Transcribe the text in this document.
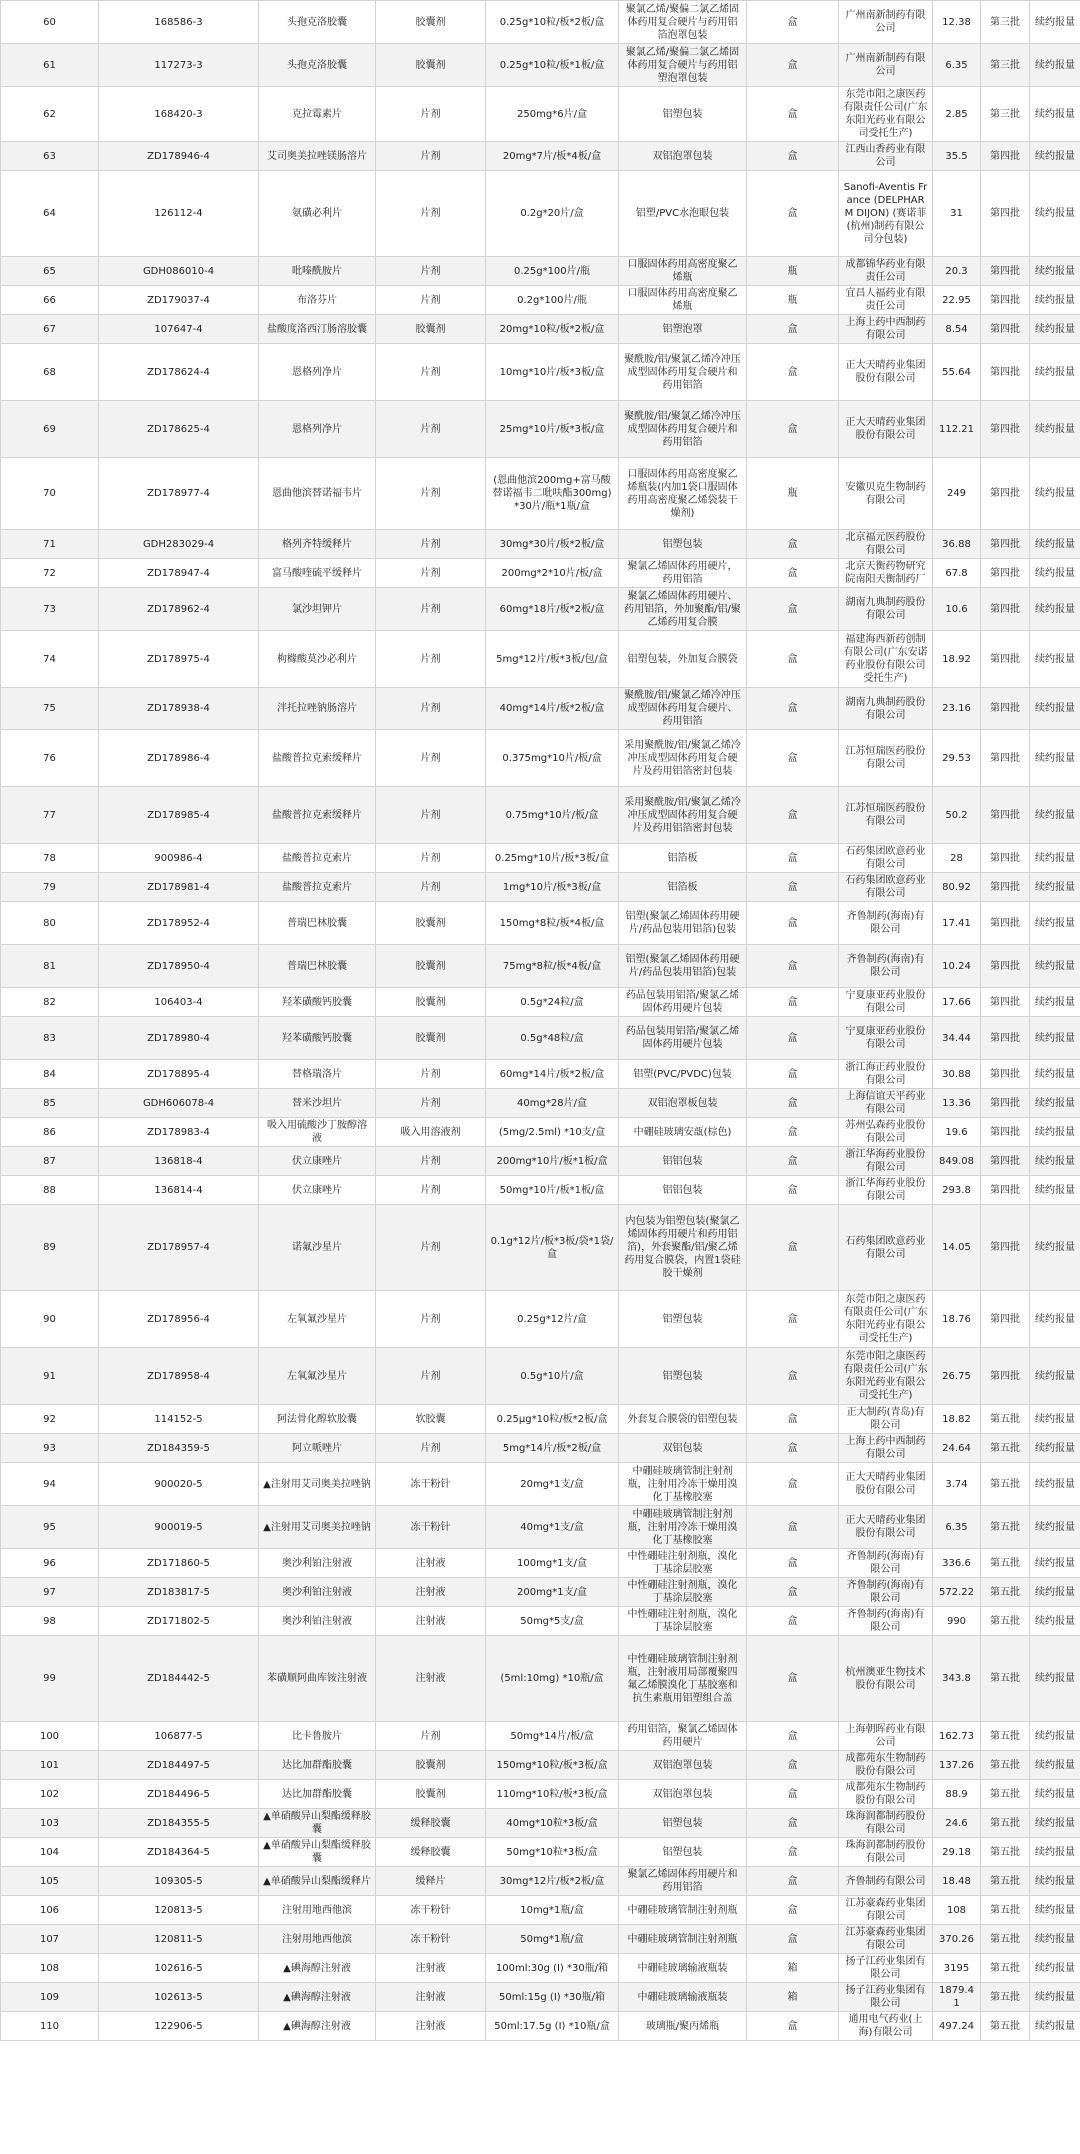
60	168586-3	头孢克洛胶囊	胶囊剂	0.25g*10粒/板*2板/盒	聚氯乙烯/聚偏二氯乙烯固体药用复合硬片与药用铝箔泡罩包装	盒	广州南新制药有限公司	12.38	第三批	续约报量
61	117273-3	头孢克洛胶囊	胶囊剂	0.25g*10粒/板*1板/盒	聚氯乙烯/聚偏二氯乙烯固体药用复合硬片与药用铝塑泡罩包装	盒	广州南新制药有限公司	6.35	第三批	续约报量
62	168420-3	克拉霉素片	片剂	250mg*6片/盒	铝塑包装	盒	东莞市阳之康医药有限责任公司(广东东阳光药业有限公司受托生产)	2.85	第三批	续约报量
63	ZD178946-4	艾司奥美拉唑镁肠溶片	片剂	20mg*7片/板*4板/盒	双铝泡罩包装	盒	江西山香药业有限公司	35.5	第四批	续约报量
64	126112-4	氨磺必利片	片剂	0.2g*20片/盒	铝塑/PVC水泡眼包装	盒	Sanofi-Aventis France (DELPHARM DIJON) (赛诺菲(杭州)制药有限公司分包装)	31	第四批	续约报量
65	GDH086010-4	吡嗪酰胺片	片剂	0.25g*100片/瓶	口服固体药用高密度聚乙烯瓶	瓶	成都锦华药业有限责任公司	20.3	第四批	续约报量
66	ZD179037-4	布洛芬片	片剂	0.2g*100片/瓶	口服固体药用高密度聚乙烯瓶	瓶	宜昌人福药业有限责任公司	22.95	第四批	续约报量
67	107647-4	盐酸度洛西汀肠溶胶囊	胶囊剂	20mg*10粒/板*2板/盒	铝塑泡罩	盒	上海上药中西制药有限公司	8.54	第四批	续约报量
68	ZD178624-4	恩格列净片	片剂	10mg*10片/板*3板/盒	聚酰胺/铝/聚氯乙烯冷冲压成型固体药用复合硬片和药用铝箔	盒	正大天晴药业集团股份有限公司	55.64	第四批	续约报量
69	ZD178625-4	恩格列净片	片剂	25mg*10片/板*3板/盒	聚酰胺/铝/聚氯乙烯冷冲压成型固体药用复合硬片和药用铝箔	盒	正大天晴药业集团股份有限公司	112.21	第四批	续约报量
70	ZD178977-4	恩曲他滨替诺福韦片	片剂	(恩曲他滨200mg+富马酸替诺福韦二吡呋酯300mg) *30片/瓶*1瓶/盒	口服固体药用高密度聚乙烯瓶装(内加1袋口服固体药用高密度聚乙烯袋装干燥剂)	瓶	安徽贝克生物制药有限公司	249	第四批	续约报量
71	GDH283029-4	格列齐特缓释片	片剂	30mg*30片/板*2板/盒	铝塑包装	盒	北京福元医药股份有限公司	36.88	第四批	续约报量
72	ZD178947-4	富马酸喹硫平缓释片	片剂	200mg*2*10片/板/盒	聚氯乙烯固体药用硬片，药用铝箔	盒	北京天衡药物研究院南阳天衡制药厂	67.8	第四批	续约报量
73	ZD178962-4	氯沙坦钾片	片剂	60mg*18片/板*2板/盒	聚氯乙烯固体药用硬片、药用铝箔，外加聚酯/铝/聚乙烯药用复合膜	盒	湖南九典制药股份有限公司	10.6	第四批	续约报量
74	ZD178975-4	枸橼酸莫沙必利片	片剂	5mg*12片/板*3板/包/盒	铝塑包装，外加复合膜袋	盒	福建海西新药创制有限公司(广东安诺药业股份有限公司受托生产)	18.92	第四批	续约报量
75	ZD178938-4	泮托拉唑钠肠溶片	片剂	40mg*14片/板*2板/盒	聚酰胺/铝/聚氯乙烯冷冲压成型固体药用复合硬片、药用铝箔	盒	湖南九典制药股份有限公司	23.16	第四批	续约报量
76	ZD178986-4	盐酸普拉克索缓释片	片剂	0.375mg*10片/板/盒	采用聚酰胺/铝/聚氯乙烯冷冲压成型固体药用复合硬片及药用铝箔密封包装	盒	江苏恒瑞医药股份有限公司	29.53	第四批	续约报量
77	ZD178985-4	盐酸普拉克索缓释片	片剂	0.75mg*10片/板/盒	采用聚酰胺/铝/聚氯乙烯冷冲压成型固体药用复合硬片及药用铝箔密封包装	盒	江苏恒瑞医药股份有限公司	50.2	第四批	续约报量
78	900986-4	盐酸普拉克索片	片剂	0.25mg*10片/板*3板/盒	铝箔板	盒	石药集团欧意药业有限公司	28	第四批	续约报量
79	ZD178981-4	盐酸普拉克索片	片剂	1mg*10片/板*3板/盒	铝箔板	盒	石药集团欧意药业有限公司	80.92	第四批	续约报量
80	ZD178952-4	普瑞巴林胶囊	胶囊剂	150mg*8粒/板*4板/盒	铝塑(聚氯乙烯固体药用硬片/药品包装用铝箔)包装	盒	齐鲁制药(海南)有限公司	17.41	第四批	续约报量
81	ZD178950-4	普瑞巴林胶囊	胶囊剂	75mg*8粒/板*4板/盒	铝塑(聚氯乙烯固体药用硬片/药品包装用铝箔)包装	盒	齐鲁制药(海南)有限公司	10.24	第四批	续约报量
82	106403-4	羟苯磺酸钙胶囊	胶囊剂	0.5g*24粒/盒	药品包装用铝箔/聚氯乙烯固体药用硬片包装	盒	宁夏康亚药业股份有限公司	17.66	第四批	续约报量
83	ZD178980-4	羟苯磺酸钙胶囊	胶囊剂	0.5g*48粒/盒	药品包装用铝箔/聚氯乙烯固体药用硬片包装	盒	宁夏康亚药业股份有限公司	34.44	第四批	续约报量
84	ZD178895-4	替格瑞洛片	片剂	60mg*14片/板*2板/盒	铝塑(PVC/PVDC)包装	盒	浙江海正药业股份有限公司	30.88	第四批	续约报量
85	GDH606078-4	替米沙坦片	片剂	40mg*28片/盒	双铝泡罩板包装	盒	上海信谊天平药业有限公司	13.36	第四批	续约报量
86	ZD178983-4	吸入用硫酸沙丁胺醇溶液	吸入用溶液剂	(5mg/2.5ml) *10支/盒	中硼硅玻璃安瓿(棕色)	盒	苏州弘森药业股份有限公司	19.6	第四批	续约报量
87	136818-4	伏立康唑片	片剂	200mg*10片/板*1板/盒	铝铝包装	盒	浙江华海药业股份有限公司	849.08	第四批	续约报量
88	136814-4	伏立康唑片	片剂	50mg*10片/板*1板/盒	铝铝包装	盒	浙江华海药业股份有限公司	293.8	第四批	续约报量
89	ZD178957-4	诺氟沙星片	片剂	0.1g*12片/板*3板/袋*1袋/盒	内包装为铝塑包装(聚氯乙烯固体药用硬片和药用铝箔)，外套聚酯/铝/聚乙烯药用复合膜袋，内置1袋硅胶干燥剂	盒	石药集团欧意药业有限公司	14.05	第四批	续约报量
90	ZD178956-4	左氧氟沙星片	片剂	0.25g*12片/盒	铝塑包装	盒	东莞市阳之康医药有限责任公司(广东东阳光药业有限公司受托生产)	18.76	第四批	续约报量
91	ZD178958-4	左氧氟沙星片	片剂	0.5g*10片/盒	铝塑包装	盒	东莞市阳之康医药有限责任公司(广东东阳光药业有限公司受托生产)	26.75	第四批	续约报量
92	114152-5	阿法骨化醇软胶囊	软胶囊	0.25μg*10粒/板*2板/盒	外套复合膜袋的铝塑包装	盒	正大制药(青岛)有限公司	18.82	第五批	续约报量
93	ZD184359-5	阿立哌唑片	片剂	5mg*14片/板*2板/盒	双铝包装	盒	上海上药中西制药有限公司	24.64	第五批	续约报量
94	900020-5	▲注射用艾司奥美拉唑钠	冻干粉针	20mg*1支/盒	中硼硅玻璃管制注射剂瓶，注射用冷冻干燥用溴化丁基橡胶塞	盒	正大天晴药业集团股份有限公司	3.74	第五批	续约报量
95	900019-5	▲注射用艾司奥美拉唑钠	冻干粉针	40mg*1支/盒	中硼硅玻璃管制注射剂瓶，注射用冷冻干燥用溴化丁基橡胶塞	盒	正大天晴药业集团股份有限公司	6.35	第五批	续约报量
96	ZD171860-5	奥沙利铂注射液	注射液	100mg*1支/盒	中性硼硅注射剂瓶，溴化丁基涂层胶塞	盒	齐鲁制药(海南)有限公司	336.6	第五批	续约报量
97	ZD183817-5	奥沙利铂注射液	注射液	200mg*1支/盒	中性硼硅注射剂瓶，溴化丁基涂层胶塞	盒	齐鲁制药(海南)有限公司	572.22	第五批	续约报量
98	ZD171802-5	奥沙利铂注射液	注射液	50mg*5支/盒	中性硼硅注射剂瓶，溴化丁基涂层胶塞	盒	齐鲁制药(海南)有限公司	990	第五批	续约报量
99	ZD184442-5	苯磺顺阿曲库铵注射液	注射液	(5ml:10mg) *10瓶/盒	中性硼硅玻璃管制注射剂瓶，注射液用局部覆聚四氟乙烯膜溴化丁基胶塞和抗生素瓶用铝塑组合盖	盒	杭州澳亚生物技术股份有限公司	343.8	第五批	续约报量
100	106877-5	比卡鲁胺片	片剂	50mg*14片/板/盒	药用铝箔，聚氯乙烯固体药用硬片	盒	上海朝晖药业有限公司	162.73	第五批	续约报量
101	ZD184497-5	达比加群酯胶囊	胶囊剂	150mg*10粒/板*3板/盒	双铝泡罩包装	盒	成都苑东生物制药股份有限公司	137.26	第五批	续约报量
102	ZD184496-5	达比加群酯胶囊	胶囊剂	110mg*10粒/板*3板/盒	双铝泡罩包装	盒	成都苑东生物制药股份有限公司	88.9	第五批	续约报量
103	ZD184355-5	▲单硝酸异山梨酯缓释胶囊	缓释胶囊	40mg*10粒*3板/盒	铝塑包装	盒	珠海润都制药股份有限公司	24.6	第五批	续约报量
104	ZD184364-5	▲单硝酸异山梨酯缓释胶囊	缓释胶囊	50mg*10粒*3板/盒	铝塑包装	盒	珠海润都制药股份有限公司	29.18	第五批	续约报量
105	109305-5	▲单硝酸异山梨酯缓释片	缓释片	30mg*12片/板*2板/盒	聚氯乙烯固体药用硬片和药用铝箔	盒	齐鲁制药有限公司	18.48	第五批	续约报量
106	120813-5	注射用地西他滨	冻干粉针	10mg*1瓶/盒	中硼硅玻璃管制注射剂瓶	盒	江苏豪森药业集团有限公司	108	第五批	续约报量
107	120811-5	注射用地西他滨	冻干粉针	50mg*1瓶/盒	中硼硅玻璃管制注射剂瓶	盒	江苏豪森药业集团有限公司	370.26	第五批	续约报量
108	102616-5	▲碘海醇注射液	注射液	100ml:30g (I) *30瓶/箱	中硼硅玻璃输液瓶装	箱	扬子江药业集团有限公司	3195	第五批	续约报量
109	102613-5	▲碘海醇注射液	注射液	50ml:15g (I) *30瓶/箱	中硼硅玻璃输液瓶装	箱	扬子江药业集团有限公司	1879.41	第五批	续约报量
110	122906-5	▲碘海醇注射液	注射液	50ml:17.5g (I) *10瓶/盒	玻璃瓶/聚丙烯瓶	盒	通用电气药业(上海)有限公司	497.24	第五批	续约报量
